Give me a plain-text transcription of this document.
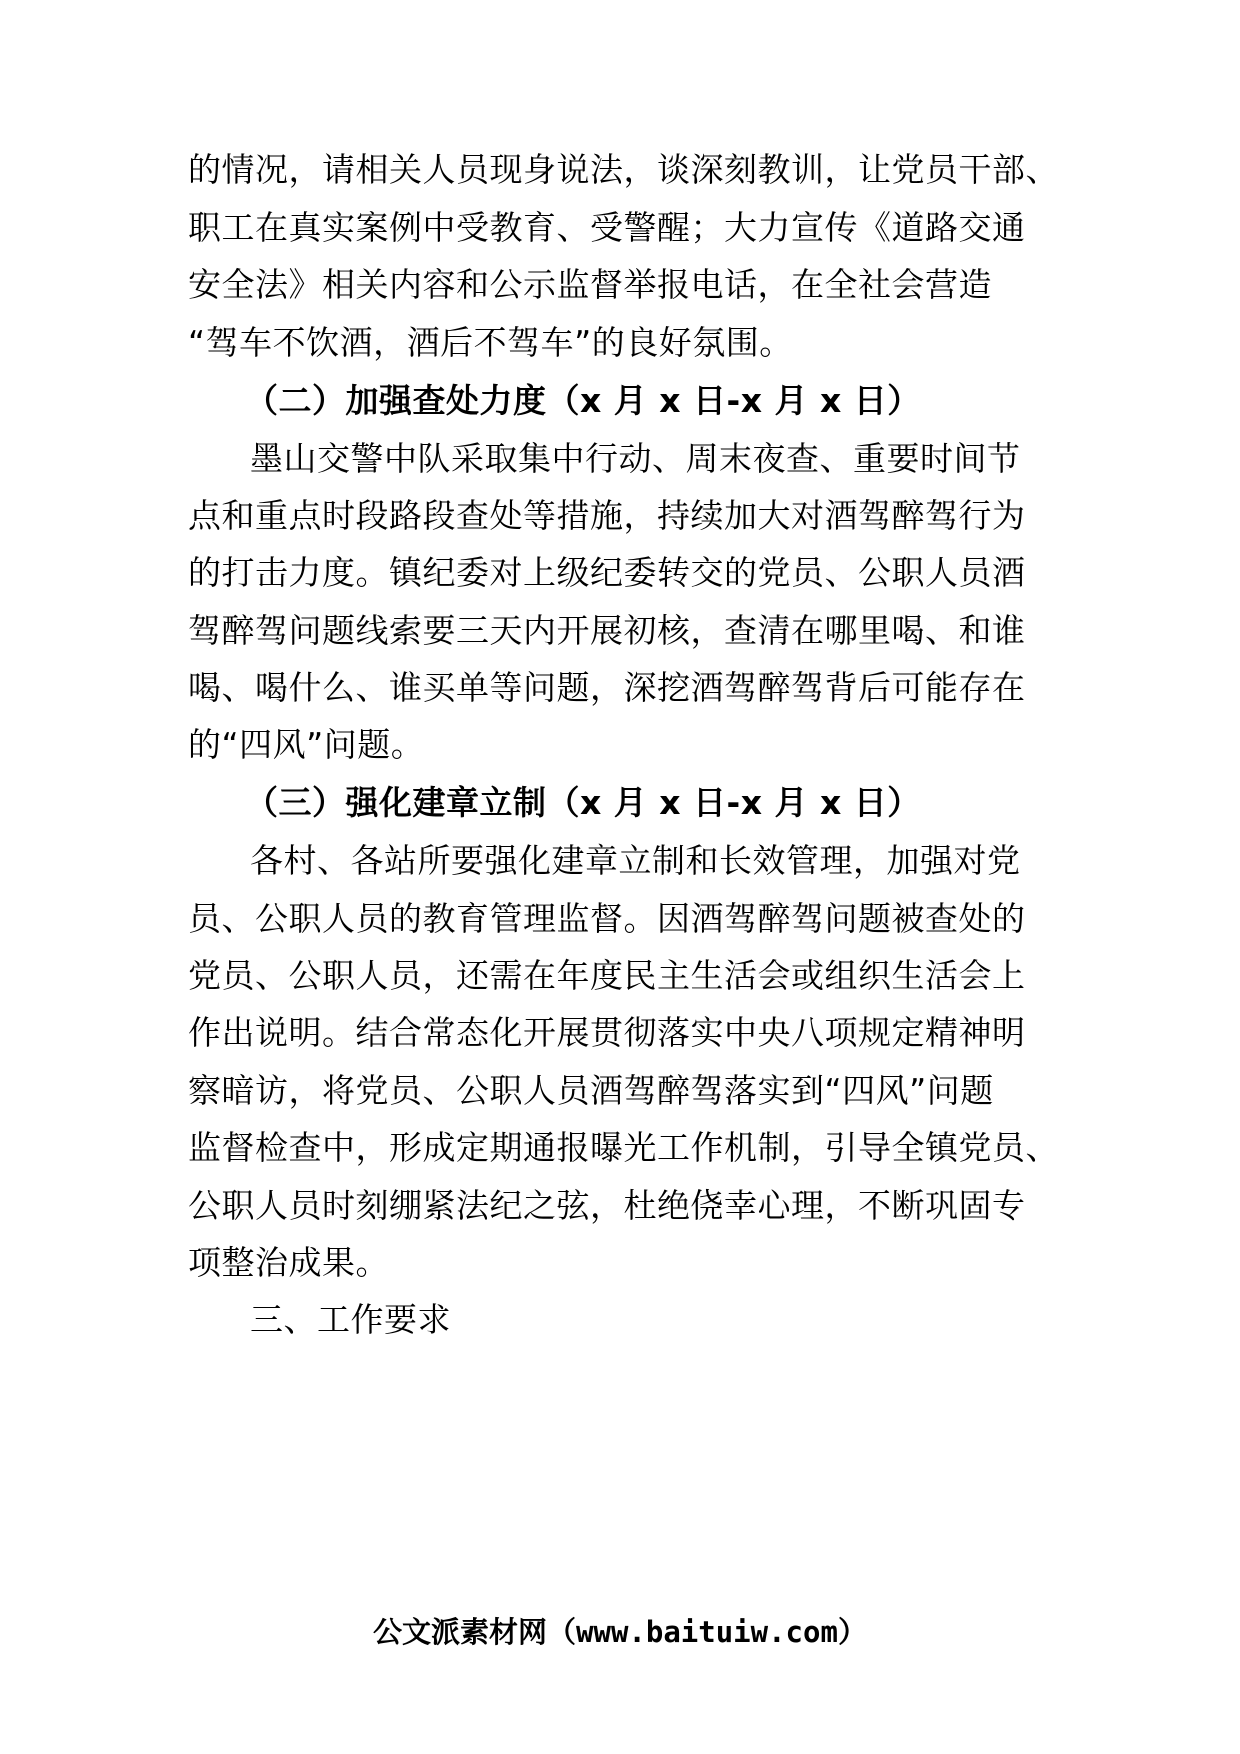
的情况，请相关人员现身说法，谈深刻教训，让党员干部、
职工在真实案例中受教育、受警醒；大力宣传《道路交通
安全法》相关内容和公示监督举报电话，在全社会营造
“驾车不饮酒，酒后不驾车”的良好氛围。
（二）加强查处力度（x 月 x 日-x 月 x 日）
墨山交警中队采取集中行动、周末夜查、重要时间节
点和重点时段路段查处等措施，持续加大对酒驾醉驾行为
的打击力度。镇纪委对上级纪委转交的党员、公职人员酒
驾醉驾问题线索要三天内开展初核，查清在哪里喝、和谁
喝、喝什么、谁买单等问题，深挖酒驾醉驾背后可能存在
的“四风”问题。
（三）强化建章立制（x 月 x 日-x 月 x 日）
各村、各站所要强化建章立制和长效管理，加强对党
员、公职人员的教育管理监督。因酒驾醉驾问题被查处的
党员、公职人员，还需在年度民主生活会或组织生活会上
作出说明。结合常态化开展贯彻落实中央八项规定精神明
察暗访，将党员、公职人员酒驾醉驾落实到“四风”问题
监督检查中，形成定期通报曝光工作机制，引导全镇党员、
公职人员时刻绷紧法纪之弦，杜绝侥幸心理，不断巩固专
项整治成果。
三、工作要求
公文派素材网（www.baituiw.com）
